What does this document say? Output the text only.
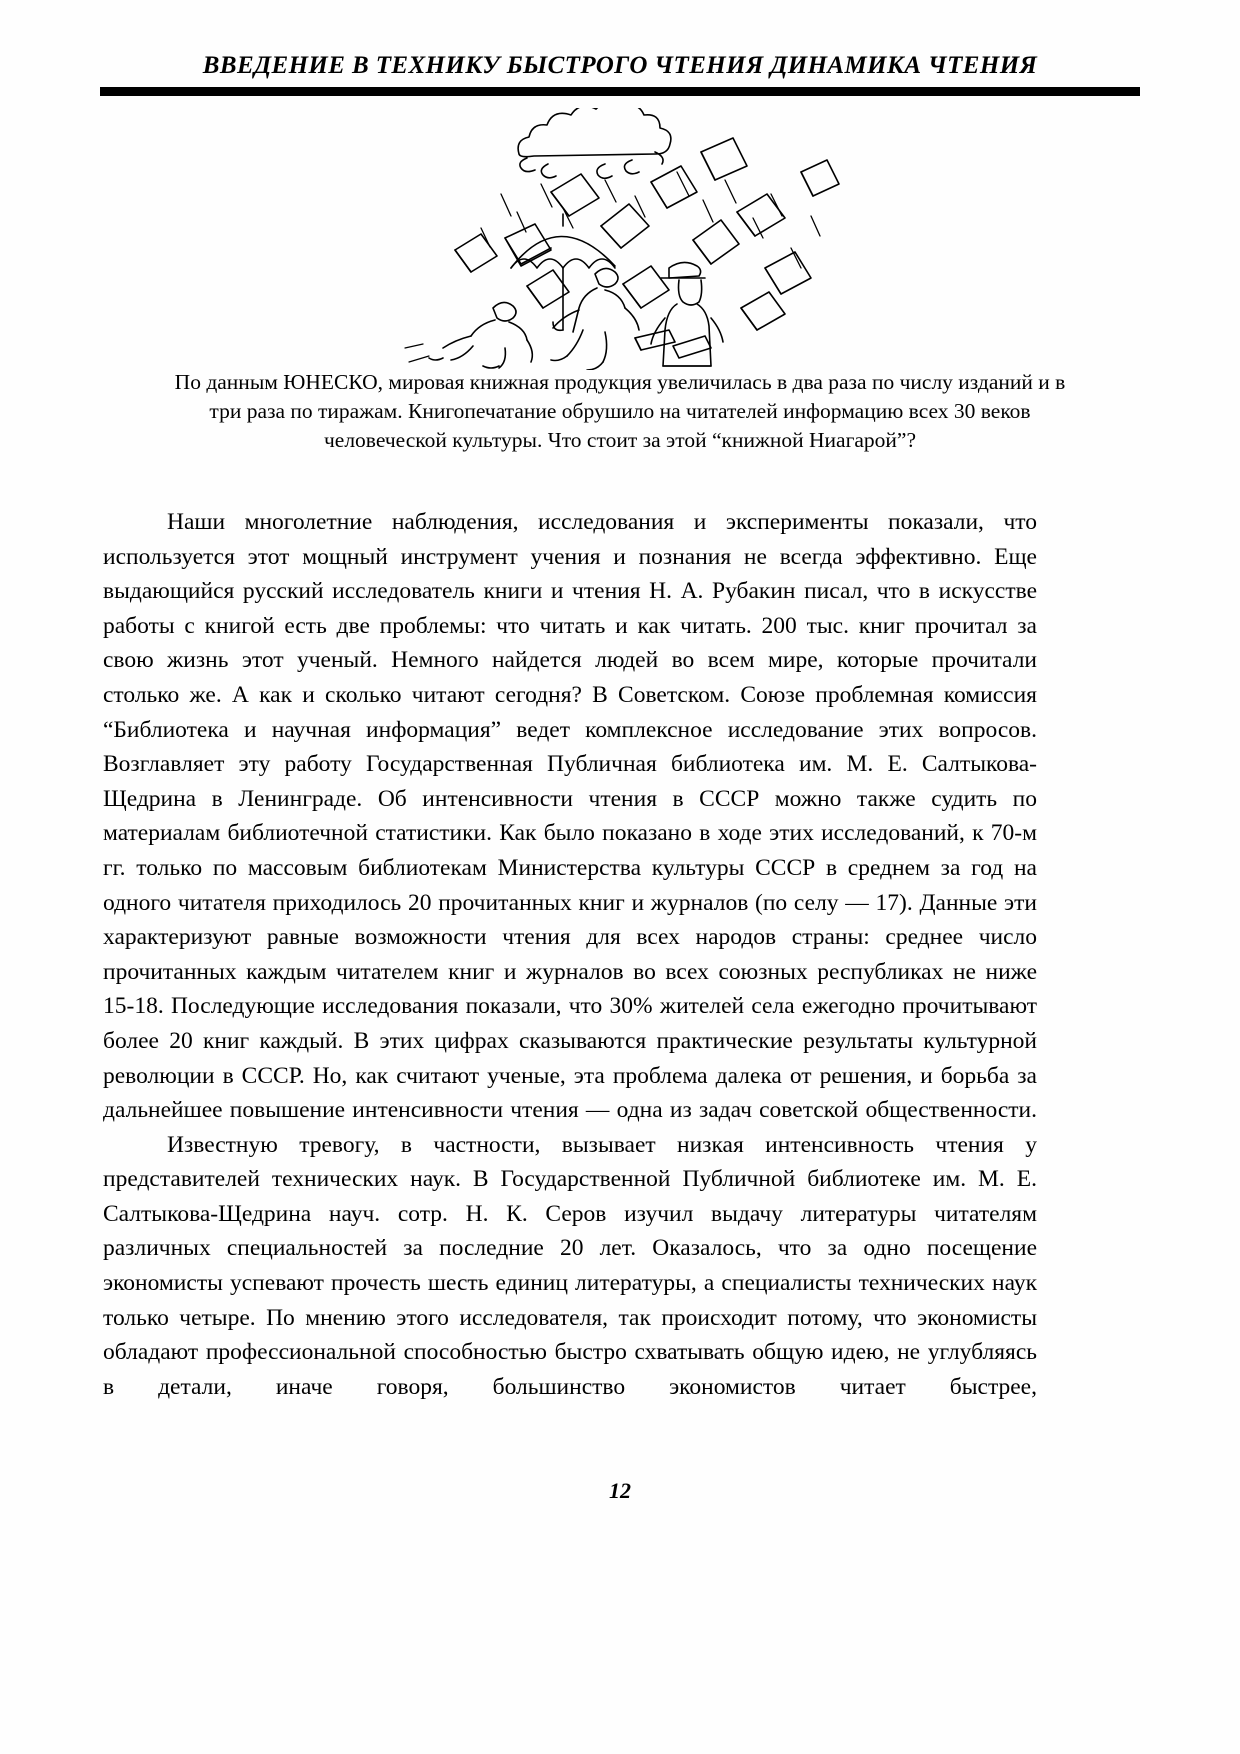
ВВЕДЕНИЕ В ТЕХНИКУ БЫСТРОГО ЧТЕНИЯ ДИНАМИКА ЧТЕНИЯ
По данным ЮНЕСКО, мировая книжная продукция увеличилась в два раза по числу изданий и в три раза по тиражам. Книгопечатание обрушило на читателей информацию всех 30 веков человеческой культуры. Что стоит за этой “книжной Ниагарой”?

Наши многолетние наблюдения, исследования и эксперименты показали, что используется этот мощный инструмент учения и познания не всегда эффективно. Еще выдающийся русский исследователь книги и чтения Н. А. Рубакин писал, что в искусстве работы с книгой есть две проблемы: что читать и как читать. 200 тыс. книг прочитал за свою жизнь этот ученый. Немного найдется людей во всем мире, которые прочитали столько же. А как и сколько читают сегодня? В Советском. Союзе проблемная комиссия “Библиотека и научная информация” ведет комплексное исследование этих вопросов. Возглавляет эту работу Государственная Публичная библиотека им. М. Е. Салтыкова-Щедрина в Ленинграде. Об интенсивности чтения в СССР можно также судить по материалам библиотечной статистики. Как было показано в ходе этих исследований, к 70-м гг. только по массовым библиотекам Министерства культуры СССР в среднем за год на одного читателя приходилось 20 прочитанных книг и журналов (по селу — 17). Данные эти характеризуют равные возможности чтения для всех народов страны: среднее число прочитанных каждым читателем книг и журналов во всех союзных республиках не ниже 15-18. Последующие исследования показали, что 30% жителей села ежегодно прочитывают более 20 книг каждый. В этих цифрах сказываются практические результаты культурной революции в СССР. Но, как считают ученые, эта проблема далека от решения, и борьба за дальнейшее повышение интенсивности чтения — одна из задач советской общественности.

Известную тревогу, в частности, вызывает низкая интенсивность чтения у представителей технических наук. В Государственной Публичной библиотеке им. М. Е. Салтыкова-Щедрина науч. сотр. Н. К. Серов изучил выдачу литературы читателям различных специальностей за последние 20 лет. Оказалось, что за одно посещение экономисты успевают прочесть шесть единиц литературы, а специалисты технических наук только четыре. По мнению этого исследователя, так происходит потому, что экономисты обладают профессиональной способностью быстро схватывать общую идею, не углубляясь в детали, иначе говоря, большинство экономистов читает быстрее,

12
